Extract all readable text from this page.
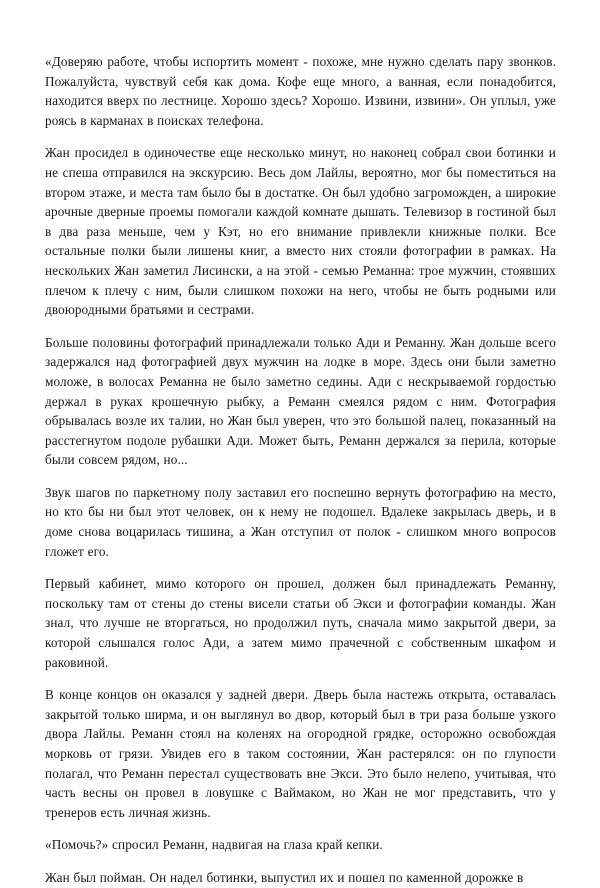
«Доверяю работе, чтобы испортить момент - похоже, мне нужно сделать пару звонков. Пожалуйста, чувствуй себя как дома. Кофе еще много, а ванная, если понадобится, находится вверх по лестнице. Хорошо здесь? Хорошо. Извини, извини». Он уплыл, уже роясь в карманах в поисках телефона.

Жан просидел в одиночестве еще несколько минут, но наконец собрал свои ботинки и не спеша отправился на экскурсию. Весь дом Лайлы, вероятно, мог бы поместиться на втором этаже, и места там было бы в достатке. Он был удобно загроможден, а широкие арочные дверные проемы помогали каждой комнате дышать. Телевизор в гостиной был в два раза меньше, чем у Кэт, но его внимание привлекли книжные полки. Все остальные полки были лишены книг, а вместо них стояли фотографии в рамках. На нескольких Жан заметил Лисински, а на этой - семью Реманна: трое мужчин, стоявших плечом к плечу с ним, были слишком похожи на него, чтобы не быть родными или двоюродными братьями и сестрами.

Больше половины фотографий принадлежали только Ади и Реманну. Жан дольше всего задержался над фотографией двух мужчин на лодке в море. Здесь они были заметно моложе, в волосах Реманна не было заметно седины. Ади с нескрываемой гордостью держал в руках крошечную рыбку, а Реманн смеялся рядом с ним. Фотография обрывалась возле их талии, но Жан был уверен, что это большой палец, показанный на расстегнутом подоле рубашки Ади. Может быть, Реманн держался за перила, которые были совсем рядом, но...

Звук шагов по паркетному полу заставил его поспешно вернуть фотографию на место, но кто бы ни был этот человек, он к нему не подошел. Вдалеке закрылась дверь, и в доме снова воцарилась тишина, а Жан отступил от полок - слишком много вопросов гложет его.

Первый кабинет, мимо которого он прошел, должен был принадлежать Реманну, поскольку там от стены до стены висели статьи об Экси и фотографии команды. Жан знал, что лучше не вторгаться, но продолжил путь, сначала мимо закрытой двери, за которой слышался голос Ади, а затем мимо прачечной с собственным шкафом и раковиной.

В конце концов он оказался у задней двери. Дверь была настежь открыта, оставалась закрытой только ширма, и он выглянул во двор, который был в три раза больше узкого двора Лайлы. Реманн стоял на коленях на огородной грядке, осторожно освобождая морковь от грязи. Увидев его в таком состоянии, Жан растерялся: он по глупости полагал, что Реманн перестал существовать вне Экси. Это было нелепо, учитывая, что часть весны он провел в ловушке с Ваймаком, но Жан не мог представить, что у тренеров есть личная жизнь.

«Помочь?» спросил Реманн, надвигая на глаза край кепки.

Жан был пойман. Он надел ботинки, выпустил их и пошел по каменной дорожке в
